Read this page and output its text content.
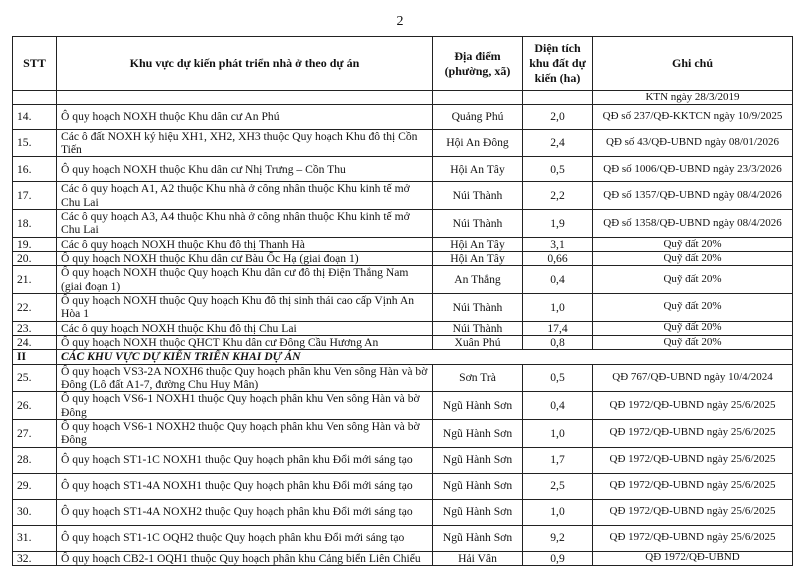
2
STT	Khu vực dự kiến phát triển nhà ở theo dự án	Địa điểm (phường, xã)	Diện tích khu đất dự kiến (ha)	Ghi chú
				KTN ngày 28/3/2019
14.	Ô quy hoạch NOXH thuộc Khu dân cư An Phú	Quảng Phú	2,0	QĐ số 237/QĐ-KKTCN ngày 10/9/2025
15.	Các ô đất NOXH ký hiệu XH1, XH2, XH3 thuộc Quy hoạch Khu đô thị Cồn Tiến	Hội An Đông	2,4	QĐ số 43/QĐ-UBND ngày 08/01/2026
16.	Ô quy hoạch NOXH thuộc Khu dân cư Nhị Trưng – Cồn Thu	Hội An Tây	0,5	QĐ số 1006/QĐ-UBND ngày 23/3/2026
17.	Các ô quy hoạch A1, A2 thuộc Khu nhà ở công nhân thuộc Khu kinh tế mở Chu Lai	Núi Thành	2,2	QĐ số 1357/QĐ-UBND ngày 08/4/2026
18.	Các ô quy hoạch A3, A4 thuộc Khu nhà ở công nhân thuộc Khu kinh tế mở Chu Lai	Núi Thành	1,9	QĐ số 1358/QĐ-UBND ngày 08/4/2026
19.	Các ô quy hoạch NOXH thuộc Khu đô thị Thanh Hà	Hội An Tây	3,1	Quỹ đất 20%
20.	Ô quy hoạch NOXH thuộc Khu dân cư Bàu Ốc Hạ (giai đoạn 1)	Hội An Tây	0,66	Quỹ đất 20%
21.	Ô quy hoạch NOXH thuộc Quy hoạch Khu dân cư đô thị Điện Thắng Nam (giai đoạn 1)	An Thắng	0,4	Quỹ đất 20%
22.	Ô quy hoạch NOXH thuộc Quy hoạch Khu đô thị sinh thái cao cấp Vịnh An Hòa 1	Núi Thành	1,0	Quỹ đất 20%
23.	Các ô quy hoạch NOXH thuộc Khu đô thị Chu Lai	Núi Thành	17,4	Quỹ đất 20%
24.	Ô quy hoạch NOXH thuộc QHCT Khu dân cư Đông Cầu Hương An	Xuân Phú	0,8	Quỹ đất 20%
II	CÁC KHU VỰC DỰ KIẾN TRIỂN KHAI DỰ ÁN			
25.	Ô quy hoạch VS3-2A NOXH6 thuộc Quy hoạch phân khu Ven sông Hàn và bờ Đông (Lô đất A1-7, đường Chu Huy Mân)	Sơn Trà	0,5	QĐ 767/QĐ-UBND ngày 10/4/2024
26.	Ô quy hoạch VS6-1 NOXH1 thuộc Quy hoạch phân khu Ven sông Hàn và bờ Đông	Ngũ Hành Sơn	0,4	QĐ 1972/QĐ-UBND ngày 25/6/2025
27.	Ô quy hoạch VS6-1 NOXH2 thuộc Quy hoạch phân khu Ven sông Hàn và bờ Đông	Ngũ Hành Sơn	1,0	QĐ 1972/QĐ-UBND ngày 25/6/2025
28.	Ô quy hoạch ST1-1C NOXH1 thuộc Quy hoạch phân khu Đổi mới sáng tạo	Ngũ Hành Sơn	1,7	QĐ 1972/QĐ-UBND ngày 25/6/2025
29.	Ô quy hoạch ST1-4A NOXH1 thuộc Quy hoạch phân khu Đổi mới sáng tạo	Ngũ Hành Sơn	2,5	QĐ 1972/QĐ-UBND ngày 25/6/2025
30.	Ô quy hoạch ST1-4A NOXH2 thuộc Quy hoạch phân khu Đổi mới sáng tạo	Ngũ Hành Sơn	1,0	QĐ 1972/QĐ-UBND ngày 25/6/2025
31.	Ô quy hoạch ST1-1C OQH2 thuộc Quy hoạch phân khu Đổi mới sáng tạo	Ngũ Hành Sơn	9,2	QĐ 1972/QĐ-UBND ngày 25/6/2025
32.	Ô quy hoạch CB2-1 OQH1 thuộc Quy hoạch phân khu Cảng biển Liên Chiểu	Hải Vân	0,9	QĐ 1972/QĐ-UBND
